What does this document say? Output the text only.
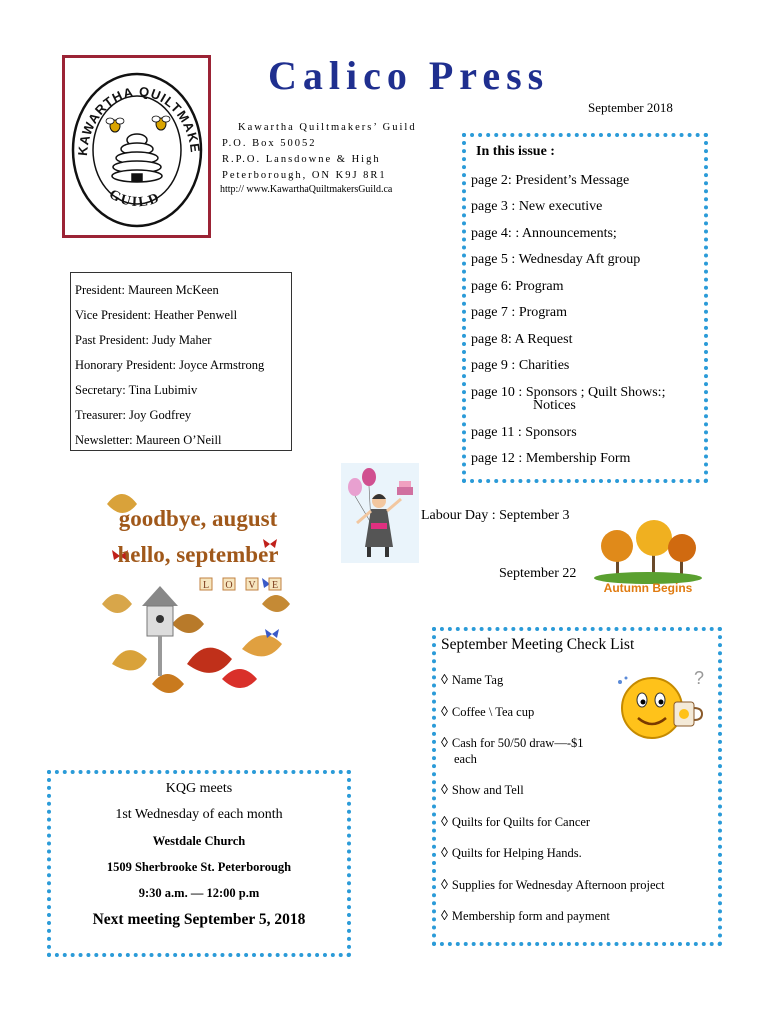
KAWARTHA QUILTMAKE
GUILD
Calico Press
September 2018
Kawartha Quiltmakers’ Guild
P.O. Box 50052
R.P.O. Lansdowne & High
Peterborough, ON K9J 8R1
http:// www.KawarthaQuiltmakersGuild.ca
In this issue :
page 2: President’s Message
page 3 : New executive
page 4: : Announcements;
page 5 : Wednesday Aft group
page 6: Program
page 7 : Program
page 8: A Request
page 9 : Charities
page 10 : Sponsors ; Quilt Shows:;
Notices
page 11 : Sponsors
page 12 : Membership Form
President: Maureen McKeen
Vice President: Heather Penwell
Past President: Judy Maher
Honorary President: Joyce Armstrong
Secretary: Tina Lubimiv
Treasurer: Joy Godfrey
Newsletter: Maureen O’Neill
goodbye, august
hello, september
L O V E
Labour Day : September 3
September 22
Autumn Begins
September Meeting Check List
◊ Name Tag
◊ Coffee \ Tea cup
◊ Cash for 50/50 draw—-$1
each
◊ Show and Tell
◊ Quilts for Quilts for Cancer
◊ Quilts for Helping Hands.
◊ Supplies for Wednesday Afternoon project
◊ Membership form and payment
?
KQG meets
1st Wednesday of each month
Westdale Church
1509 Sherbrooke St. Peterborough
9:30 a.m. — 12:00 p.m
Next meeting September 5, 2018
